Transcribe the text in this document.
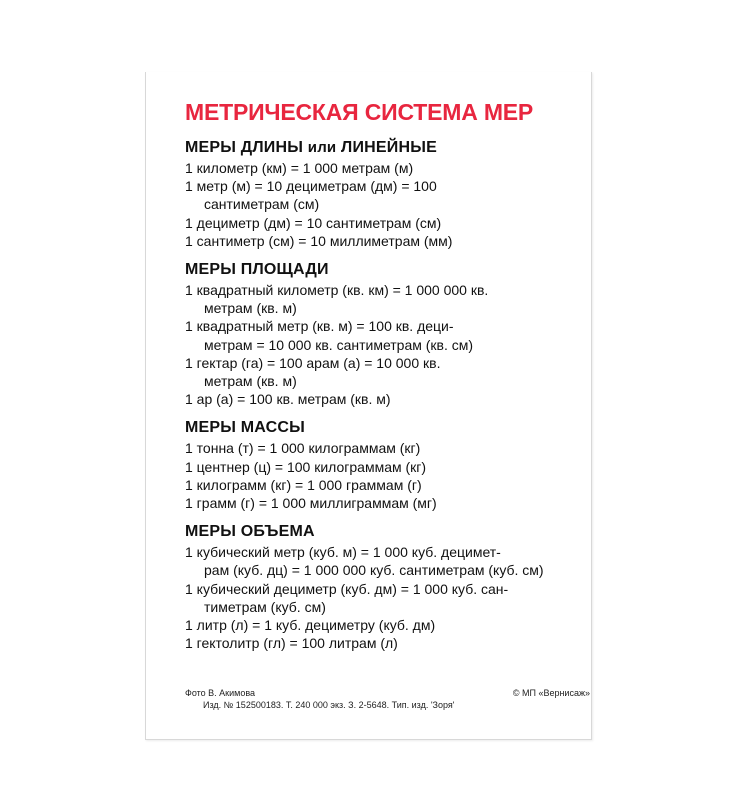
МЕТРИЧЕСКАЯ СИСТЕМА МЕР
МЕРЫ ДЛИНЫ или ЛИНЕЙНЫЕ
1 километр (км) = 1 000 метрам (м)
1 метр (м) = 10 дециметрам (дм) = 100
сантиметрам (см)
1 дециметр (дм) = 10 сантиметрам (см)
1 сантиметр (см) = 10 миллиметрам (мм)
МЕРЫ ПЛОЩАДИ
1 квадратный километр (кв. км) = 1 000 000 кв.
метрам (кв. м)
1 квадратный метр (кв. м) = 100 кв. деци-
метрам = 10 000 кв. сантиметрам (кв. см)
1 гектар (га) = 100 арам (а) = 10 000 кв.
метрам (кв. м)
1 ар (а) = 100 кв. метрам (кв. м)
МЕРЫ МАССЫ
1 тонна (т) = 1 000 килограммам (кг)
1 центнер (ц) = 100 килограммам (кг)
1 килограмм (кг) = 1 000 граммам (г)
1 грамм (г) = 1 000 миллиграммам (мг)
МЕРЫ ОБЪЕМА
1 кубический метр (куб. м) = 1 000 куб. децимет-
рам (куб. дц) = 1 000 000 куб. сантиметрам (куб. см)
1 кубический дециметр (куб. дм) = 1 000 куб. сан-
тиметрам (куб. см)
1 литр (л) = 1 куб. дециметру (куб. дм)
1 гектолитр (гл) = 100 литрам (л)
Фото В. Акимова	© МП «Вернисаж»
Изд. № 152500183. Т. 240 000 экз. З. 2-5648. Тип. изд. 'Зоря'
